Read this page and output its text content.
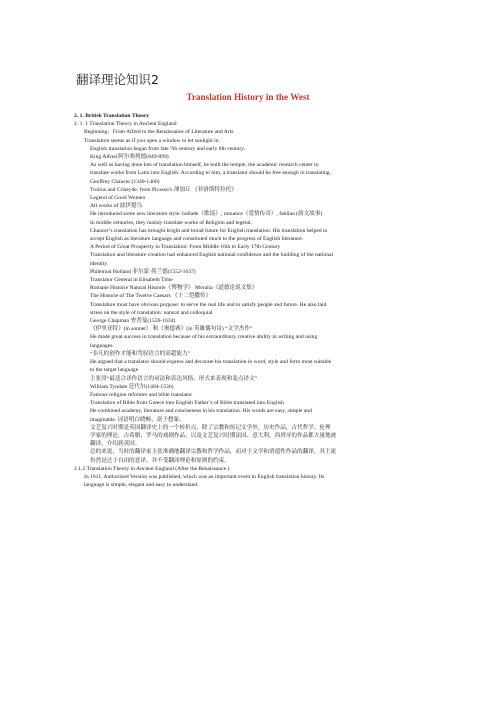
翻译理论知识2
Translation History in the West

2. 1. British Translation Theory

2. 1. 1 Translation Theory in Ancient England

Beginning：From Alfred to the Renaissance of Literature and Arts

Translation seems as if you open a window to let sunlight in .

English translation began from late 7th century and early 8th century.

King Alfred 阿尔弗列德(849-899)

As well as having done lots of translation himself, he built the temple, the academic research center to

translate works from Latin into English. According to him, a translator should be free enough in translating.

Geoffrey Chaucer (1340-1400)

Troilus and Criseyde: from Picasso’s 薄加丘 《菲洛斯特拉托》

Legend of Good Women

All works of 波伊提乌

He introduced some new literature style: ballade（歌谣）, romance（爱情传奇）, fabliau (韵文故事)

In middle centuries, they mainly translate works of Religion and legend.

Chaucer’s translation has brought bright and broad future for English translation. His translation helped to

accept English as literature language and constituted much to the progress of English literature.

A Period of Great Prosperity in Translation: From Middle 16th to Early 17th Century

Translation and literature creation had enhanced English national confidence and the building of the national

identity.

Philemon Holland 菲尔蒙·荷兰德(1552-1637)

Translator General in Elisabeth Time

Romane Historie Natural Historie《博物学》 Moralia《道德论说文集》

The Historie of The Twelve Caesars 《十二恺撒传》

Translation must have obvious purpose: to serve the real life and to satisfy people and future. He also laid

stress on the style of translation: natural and colloquial

George Chapman 查普曼(1559-1634)

《伊里亚特》(in sonnet） 和《奥德赛》(in 英雄偶句诗) “文学杰作”

He made great success in translation because of his extraordinary creative ability in writing and using

languages.

“非凡的创作才能和驾驭语言的高超能力”

He argued that a translator should express and decorate his translation in word, style and form most suitable

to the target language

主张用“最适合译作语言的词法和表达风格、形式来表现和装点译文”

William Tyndale 廷代尔(1484-1536)

Famous religion reformer and bible translator

Translation of Bible from Greece into English Father’s of Bible translated into English

He combined academy, literature and conciseness in his translation. His words are easy, simple and

imaginable. 词语明白晓畅，富于想象。

文艺复兴时期是英国翻译史上的一个转折点，除了宗教和传记文学外，历史作品，古代哲学、伦理

学家的理论，古希腊、罗马的戏剧作品，以及文艺复兴时期法国、意大利、西班牙的作品都大量地被

翻译、介绍到英国。

总的来说，当时的翻译家主张准确地翻译宗教和哲学作品，而对于文学和消遣性作品的翻译，其主流

仍然是过于自由的意译，并不受翻译理论和原则的约束。

2.1.2 Translation Theory in Ancient England (After the Renaissance )

In 1611, Authorized Version was published, which was an important event in English translation history. Its

language is simple, elegant and easy to understand.
